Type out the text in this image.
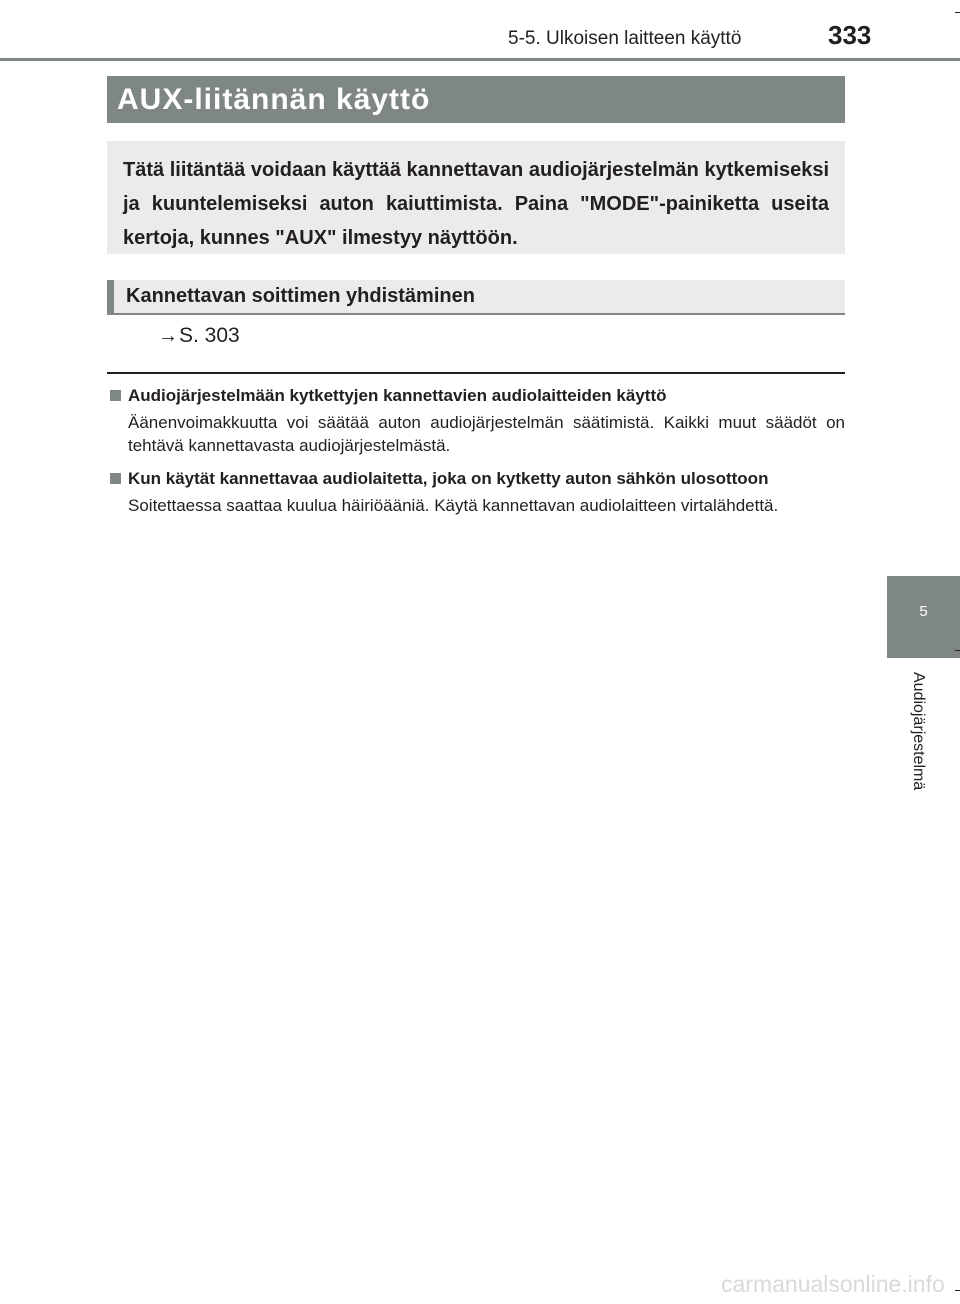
5-5. Ulkoisen laitteen käyttö	333
AUX-liitännän käyttö

Tätä liitäntää voidaan käyttää kannettavan audiojärjestelmän kytkemiseksi ja kuuntelemiseksi auton kaiuttimista. Paina "MODE"-painiketta useita kertoja, kunnes "AUX" ilmestyy näyttöön.

Kannettavan soittimen yhdistäminen
→S. 303
Audiojärjestelmään kytkettyjen kannettavien audiolaitteiden käyttö
Äänenvoimakkuutta voi säätää auton audiojärjestelmän säätimistä. Kaikki muut säädöt on tehtävä kannettavasta audiojärjestelmästä.
Kun käytät kannettavaa audiolaitetta, joka on kytketty auton sähkön ulosottoon
Soitettaessa saattaa kuulua häiriöääniä. Käytä kannettavan audiolaitteen virtalähdettä.
5
Audiojärjestelmä
carmanualsonline.info
